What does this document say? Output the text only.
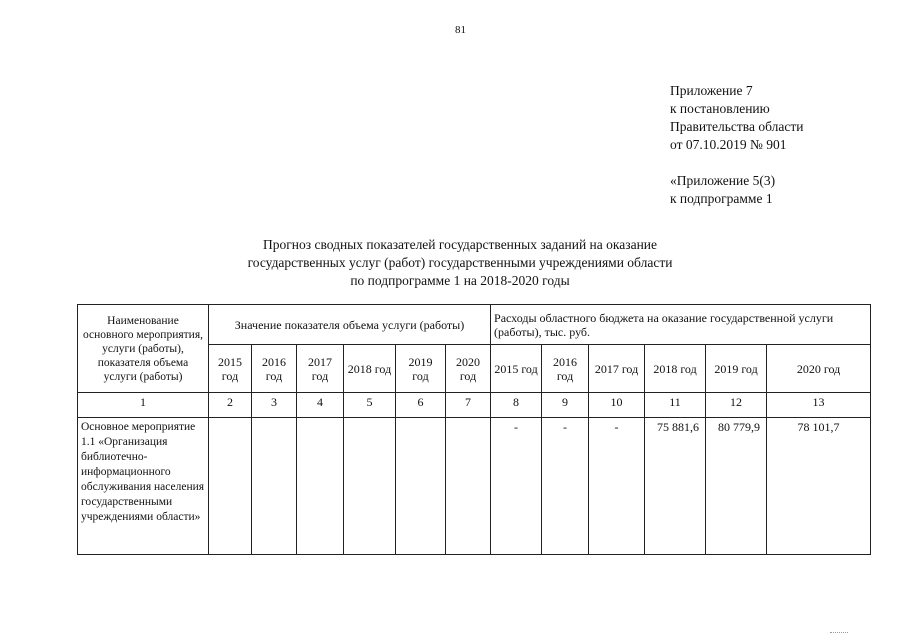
81
Приложение 7
к постановлению
Правительства области
от 07.10.2019 № 901
«Приложение 5(3)
к подпрограмме 1
Прогноз сводных показателей государственных заданий на оказание
государственных услуг (работ) государственными учреждениями области
по подпрограмме 1 на 2018-2020 годы
Наименование основного мероприятия, услуги (работы), показателя объема услуги (работы)	Значение показателя объема услуги (работы)						Расходы областного бюджета на оказание государственной услуги (работы), тыс. руб.					
	2015 год	2016 год	2017 год	2018 год	2019 год	2020 год	2015 год	2016 год	2017 год	2018 год	2019 год	2020 год
1	2	3	4	5	6	7	8	9	10	11	12	13
Основное мероприятие 1.1 «Организация библиотечно-информационного обслуживания населения государственными учреждениями области»							-	-	-	75 881,6	80 779,9	78 101,7
